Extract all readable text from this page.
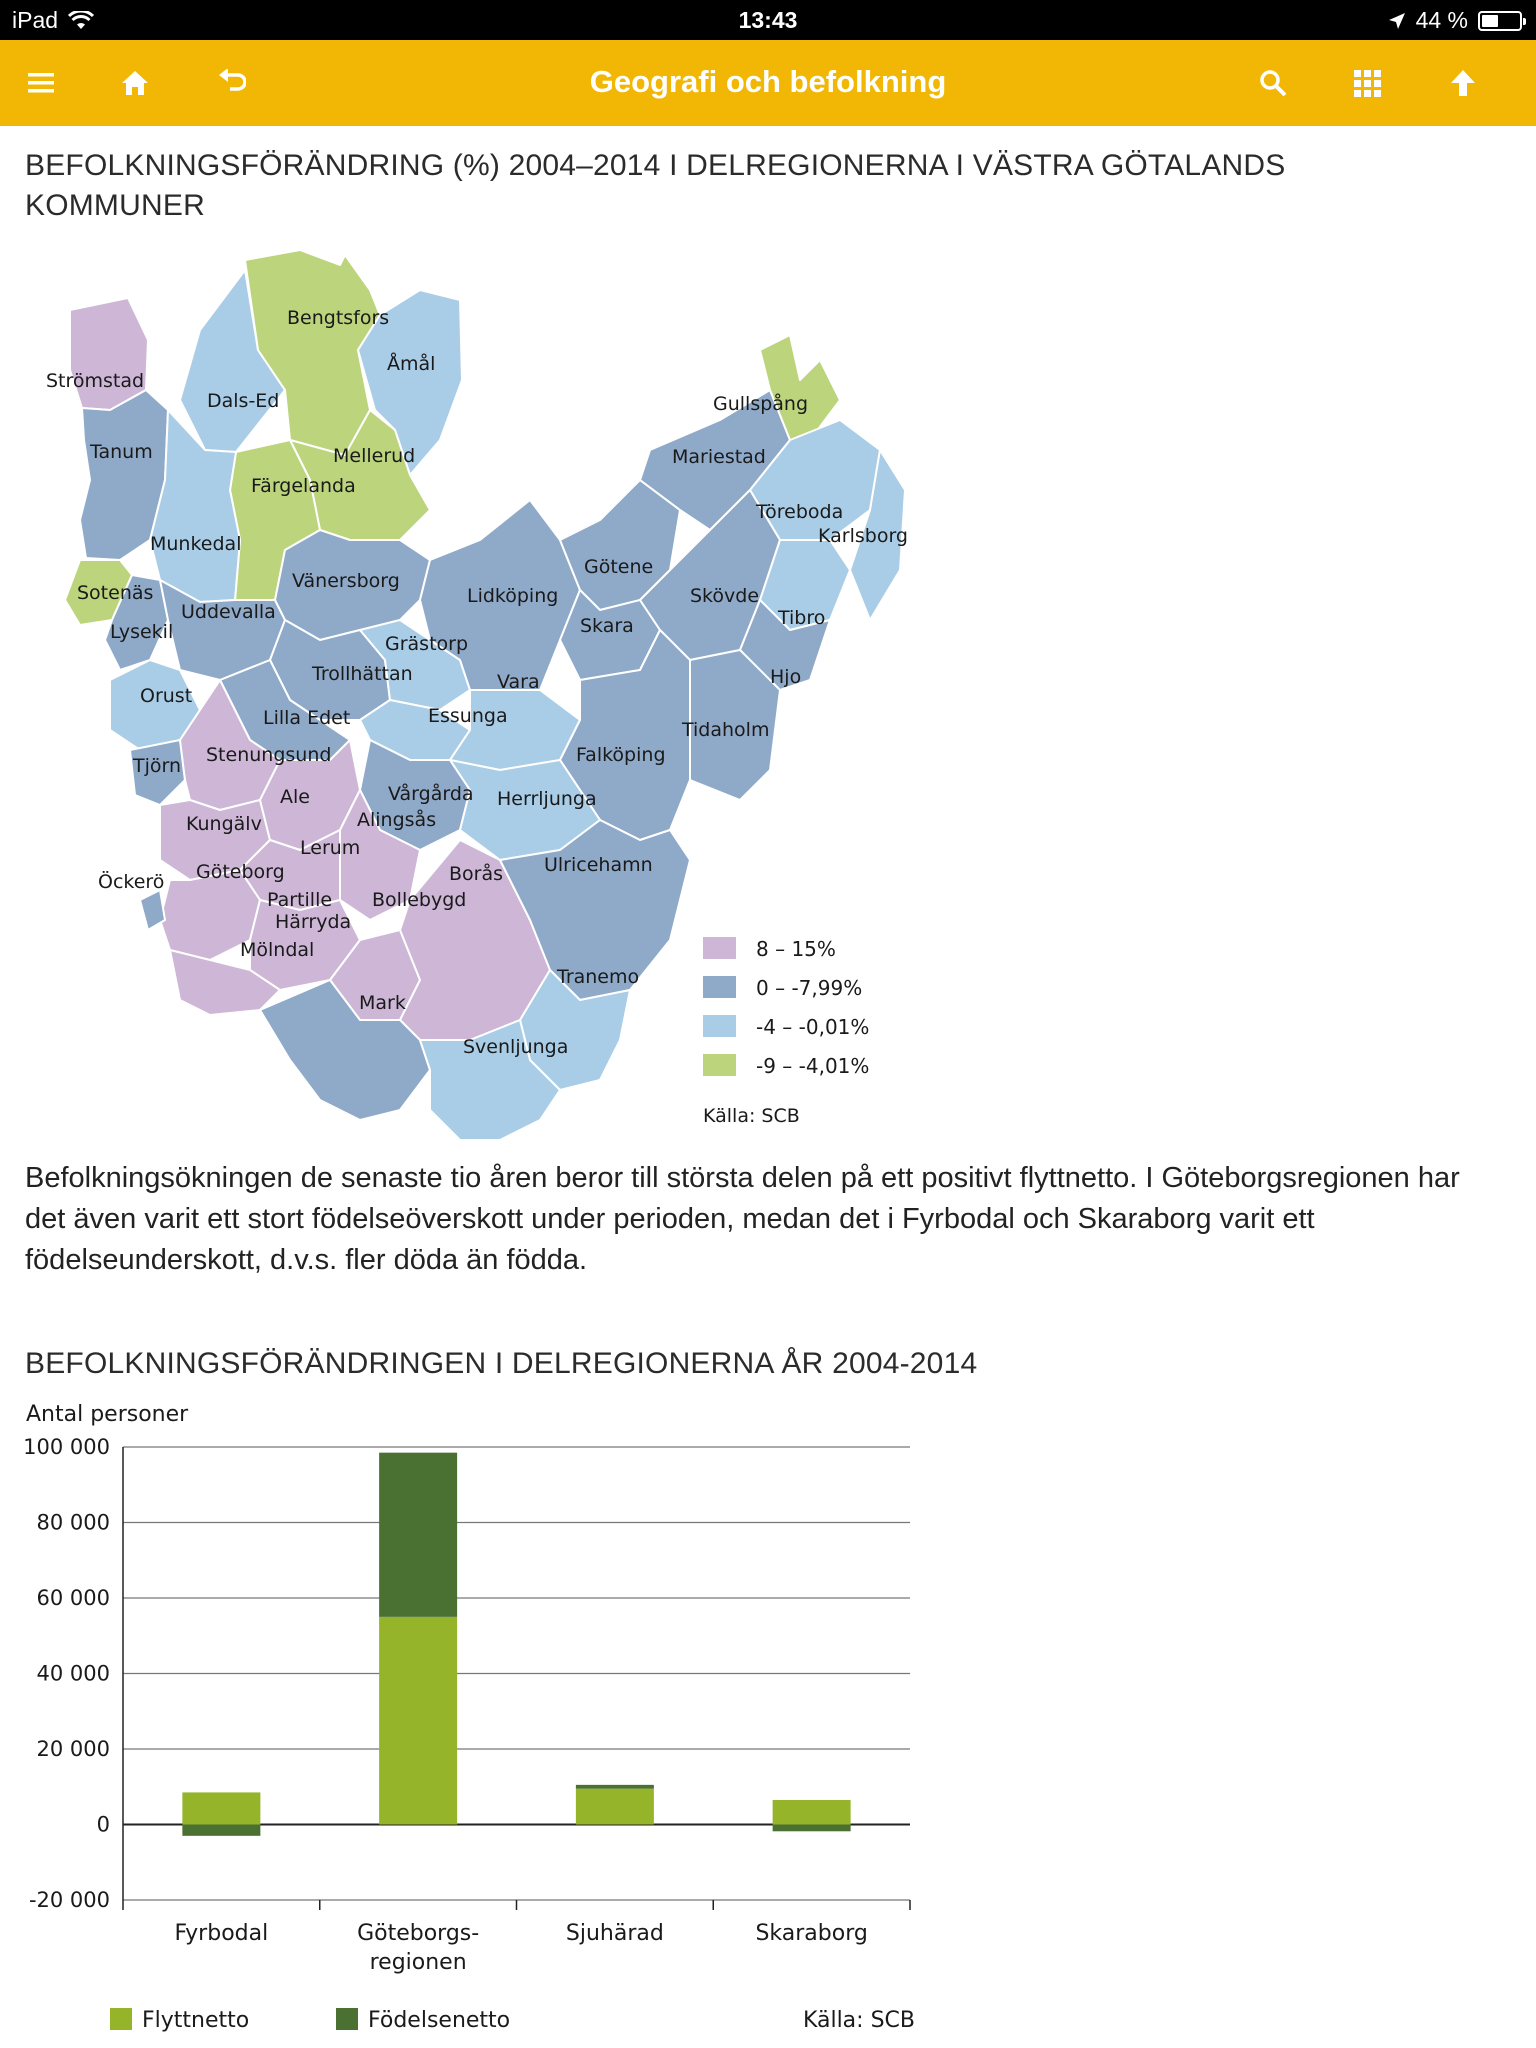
iPad	13:43	44 %
Geografi och befolkning
BEFOLKNINGSFÖRÄNDRING (%) 2004–2014 I DELREGIONERNA I VÄSTRA GÖTALANDS
KOMMUNER
Strömstad
Dals-Ed
Bengtsfors
Åmål
Tanum	Mellerud
Färgelanda
Munkedal
Sotenäs
Vänersborg
Uddevalla
Lysekil
Grästorp
Trollhättan
Orust
Lilla Edet	Essunga
Vara
Stenungsund
Tjörn
Kungälv
Ale	Vårgårda
Alingsås
Herrljunga
Lerum
Öckerö Göteborg
Partille
Härryda
Mölndal
Bollebygd
Borås Ulricehamn
Mark
Svenljunga
Tranemo
Lidköping
Götene
Skara
Skövde
Falköping
Tidaholm
Hjo
Tibro
Töreboda
Karlsborg
Mariestad
Gullspång
8 – 15%
0 – -7,99%
-4 – -0,01%
-9 – -4,01%
Källa: SCB
Befolkningsökningen de senaste tio åren beror till största delen på ett positivt flyttnetto. I Göteborgsregionen har det även varit ett stort födelseöverskott under perioden, medan det i Fyrbodal och Skaraborg varit ett födelseunderskott, d.v.s. fler döda än födda.
BEFOLKNINGSFÖRÄNDRINGEN I DELREGIONERNA ÅR 2004-2014
Antal personer
100 000
80 000
60 000
40 000
20 000
0
-20 000
Fyrbodal	Göteborgs-
regionen
Sjuhärad	Skaraborg
Flyttnetto	Födelsenetto	Källa: SCB
